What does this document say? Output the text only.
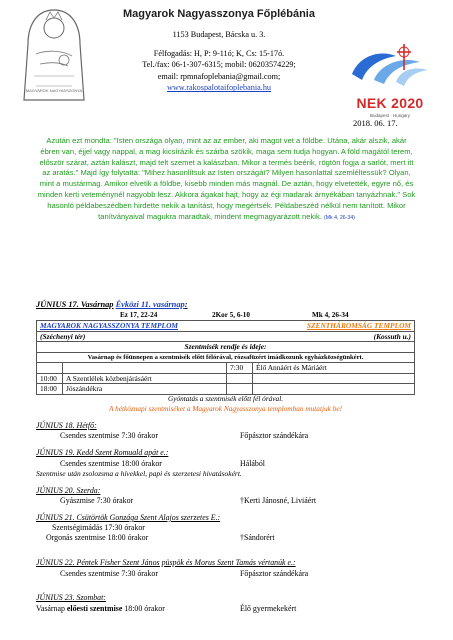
MAGYAROK NAGYASSZONYA
Magyarok Nagyasszonya Főplébánia
1153 Budapest, Bácska u. 3.
Félfogadás: H, P: 9-11ó; K, Cs: 15-17ó.
Tel./fax: 06-1-307-6315; mobil: 06203574229;
email: rpmnafoplebania@gmail.com;
www.rakospalotaifoplebania.hu
NEK 2020
Budapest · Hungary
2018. 06. 17.
Azután ezt mondta: "Isten országa olyan, mint az az ember, aki magot vet a földbe. Utána, akár alszik, akár ébren van, éjjel vagy nappal, a mag kicsírázik és szárba szökik, maga sem tudja hogyan. A föld magától terem, először szárat, aztán kalászt, majd telt szemet a kalászban. Mikor a termés beérik, rögtön fogja a sarlót, mert itt az aratás." Majd így folytatta: "Mihez hasonlítsuk az Isten országát? Milyen hasonlattal szemléltessük? Olyan, mint a mustármag. Amikor elvetik a földbe, kisebb minden más magnál. De aztán, hogy elvetették, egyre nő, és minden kerti veteménynél nagyobb lesz. Akkora ágakat hajt, hogy az égi madarak árnyékában tanyázhnak." Sok hasonló példabeszédben hirdette nekik a tanítást, hogy megértsék. Példabeszéd nélkül nem tanított. Mikor tanítványaival magukra maradtak, mindent megmagyarázott nekik. (Mk 4, 26-34)
JÚNIUS 17. Vasárnap Évközi 11. vasárnap:
Ez 17, 22-24	2Kor 5, 6-10	Mk 4, 26-34
MAGYAROK NAGYASSZONYA TEMPLOM		SZENTHÁROMSÁG TEMPLOM	
(Széchenyi tér)		(Kossuth u.)	
Szentmisék rendje és ideje:			
Vasárnap és főünnepen a szentmisék előtt félórával, rózsafüzért imádkozunk egyházközségünkért.			
		7:30	Élő Annáért és Máriáért
10:00	A Szentlélek közbenjárásáért		
18:00	Jószándékra		
Gyóntatás a szentmisék előtt fél órával.
A hétköznapi szentmiséket a Magyarok Nagyasszonya templomban mutatjuk be!
JÚNIUS 18. Hétfő:
Csendes szentmise 7:30 órakor	Főpásztor szándékára
JÚNIUS 19. Kedd Szent Romuald apát e.:
Csendes szentmise 18:00 órakor	Hálából
Szentmise után zsolozsma a hívekkel, papi és szerzetesi hivatásokért.
JÚNIUS 20. Szerda:
Gyászmise 7:30 órakor	†Kerti Jánosné, Liviáért
JÚNIUS 21. Csütörtök Gonzága Szent Alajos szerzetes E.:
Szentségimádás 17:30 órakor
Orgonás szentmise 18:00 órakor	†Sándorért
JÚNIUS 22. Péntek Fisher Szent János püspök és Morus Szent Tamás vértanúk e.:
Csendes szentmise 7:30 órakor	Főpásztor szándékára
JÚNIUS 23. Szombat:
Vasárnap előesti szentmise 18:00 órakor	Élő gyermekekért
